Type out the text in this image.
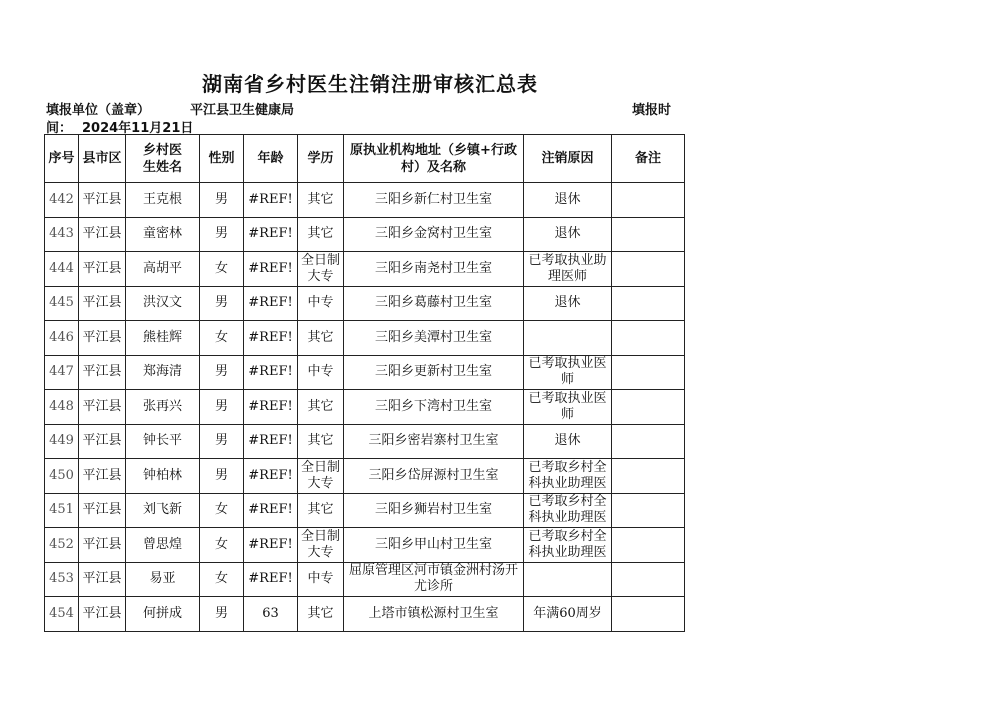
湖南省乡村医生注销注册审核汇总表
填报单位（盖章）	平江县卫生健康局	填报时
间： 2024年11月21日
序号	县市区	乡村医生姓名	性别	年龄	学历	原执业机构地址（乡镇+行政村）及名称	注销原因	备注
442	平江县	王克根	男	#REF!	其它	三阳乡新仁村卫生室	退休	
443	平江县	童密林	男	#REF!	其它	三阳乡金窝村卫生室	退休	
444	平江县	高胡平	女	#REF!	全日制大专	三阳乡南尧村卫生室	已考取执业助理医师	
445	平江县	洪汉文	男	#REF!	中专	三阳乡葛藤村卫生室	退休	
446	平江县	熊桂辉	女	#REF!	其它	三阳乡美潭村卫生室		
447	平江县	郑海清	男	#REF!	中专	三阳乡更新村卫生室	已考取执业医师	
448	平江县	张再兴	男	#REF!	其它	三阳乡下湾村卫生室	已考取执业医师	
449	平江县	钟长平	男	#REF!	其它	三阳乡密岩寨村卫生室	退休	
450	平江县	钟柏林	男	#REF!	全日制大专	三阳乡岱屏源村卫生室	已考取乡村全科执业助理医	
451	平江县	刘飞新	女	#REF!	其它	三阳乡狮岩村卫生室	已考取乡村全科执业助理医	
452	平江县	曾思煌	女	#REF!	全日制大专	三阳乡甲山村卫生室	已考取乡村全科执业助理医	
453	平江县	易亚	女	#REF!	中专	屈原管理区河市镇金洲村汤开尤诊所		
454	平江县	何拼成	男	63	其它	上塔市镇松源村卫生室	年满60周岁	
